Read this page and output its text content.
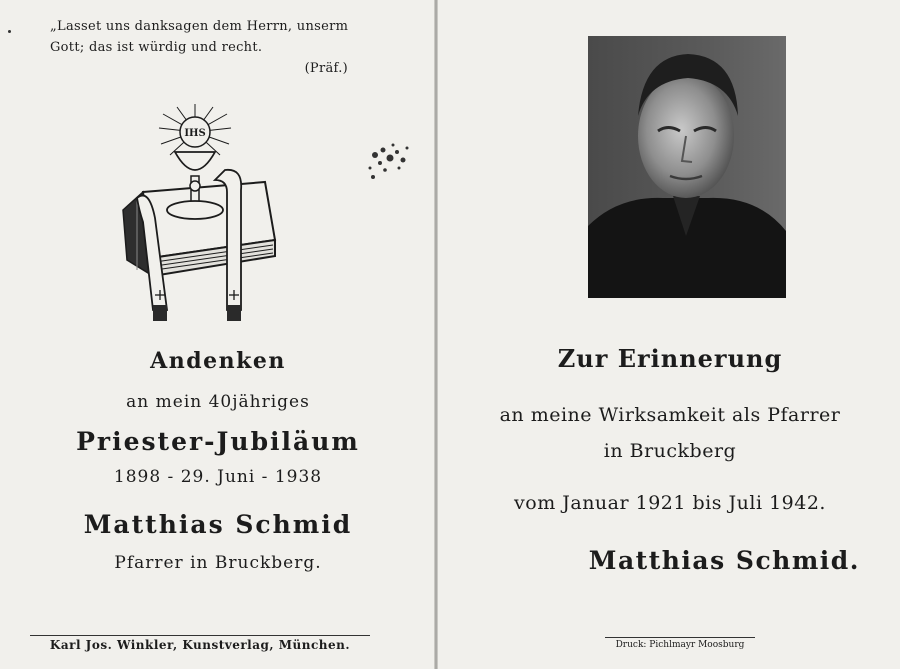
„Lasset uns danksagen dem Herrn, unserm
Gott; das ist würdig und recht.
(Präf.)
IHS
Andenken
an mein 40jähriges
Priester-Jubiläum
1898 - 29. Juni - 1938
Matthias Schmid
Pfarrer in Bruckberg.
Karl Jos. Winkler, Kunstverlag, München.
Zur Erinnerung
an meine Wirksamkeit als Pfarrer
in Bruckberg
vom Januar 1921 bis Juli 1942.
Matthias Schmid.
Druck: Pichlmayr Moosburg
